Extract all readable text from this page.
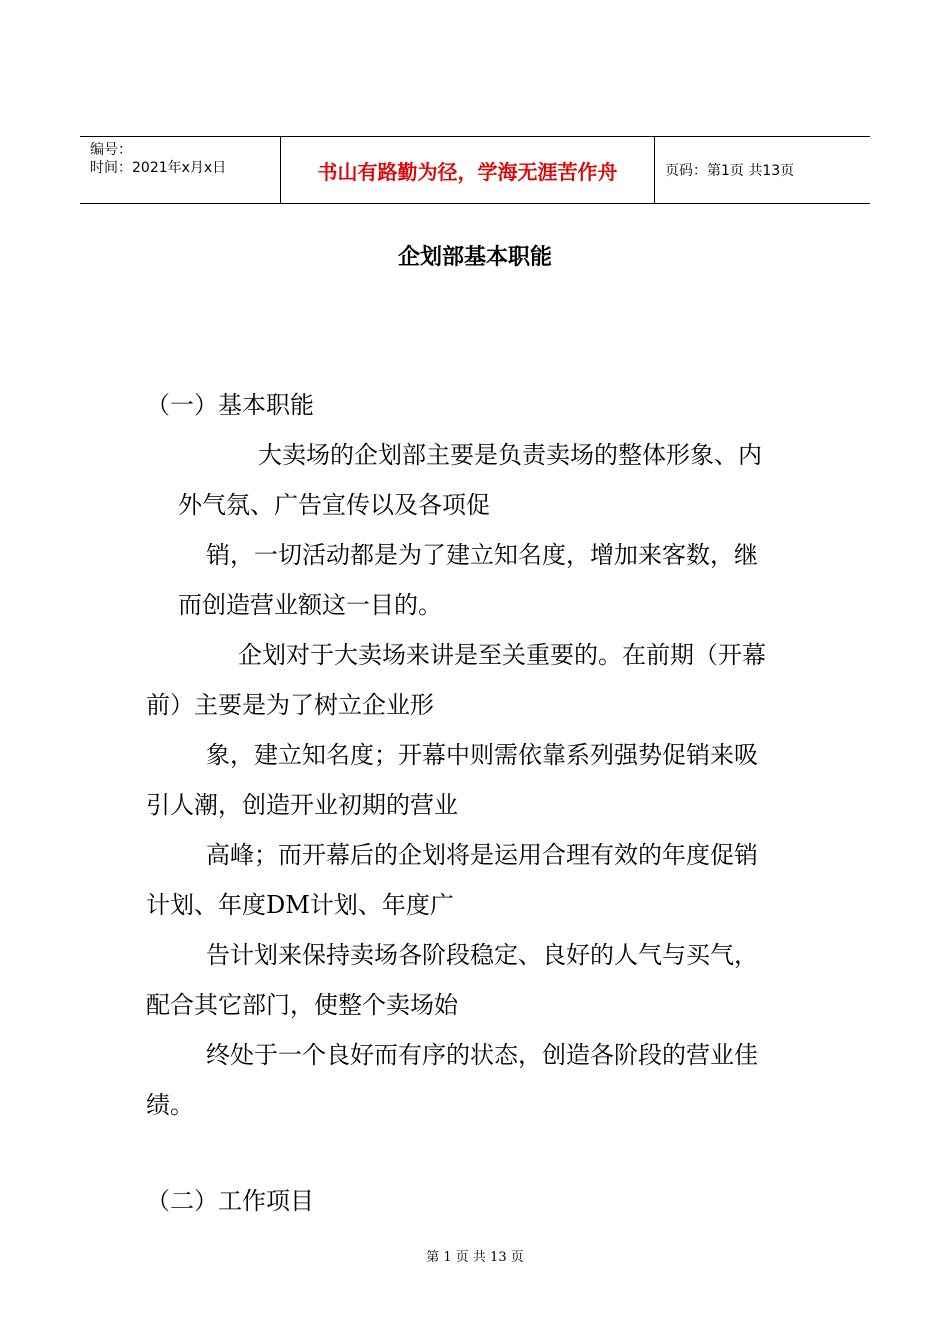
编号：
时间：2021年x月x日	书山有路勤为径，学海无涯苦作舟	页码：第1页 共13页
企划部基本职能
（一）基本职能
大卖场的企划部主要是负责卖场的整体形象、内
外气氛、广告宣传以及各项促
销，一切活动都是为了建立知名度，增加来客数，继
而创造营业额这一目的。
企划对于大卖场来讲是至关重要的。在前期（开幕
前）主要是为了树立企业形
象，建立知名度；开幕中则需依靠系列强势促销来吸
引人潮，创造开业初期的营业
高峰；而开幕后的企划将是运用合理有效的年度促销
计划、年度DM计划、年度广
告计划来保持卖场各阶段稳定、良好的人气与买气，
配合其它部门，使整个卖场始
终处于一个良好而有序的状态，创造各阶段的营业佳
绩。
（二）工作项目
第 1 页 共 13 页
